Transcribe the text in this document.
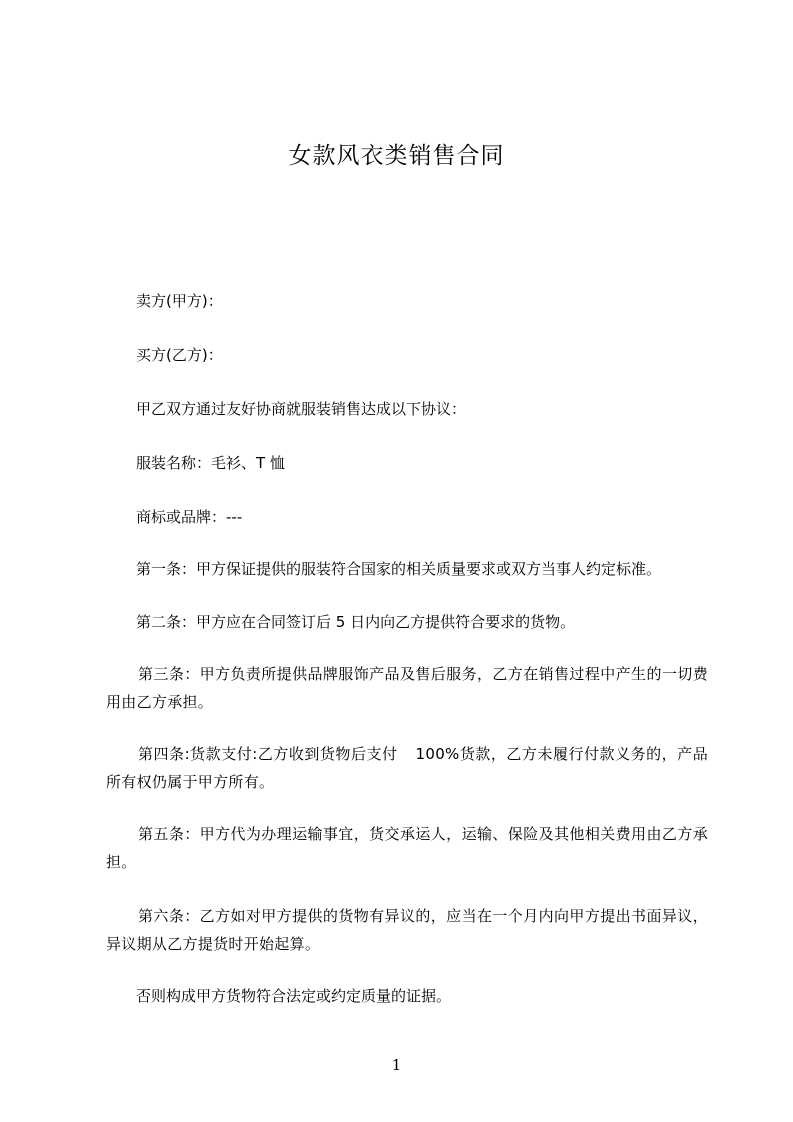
女款风衣类销售合同
卖方(甲方)：
买方(乙方)：
甲乙双方通过友好协商就服装销售达成以下协议：
服装名称：毛衫、T 恤
商标或品牌：---
第一条：甲方保证提供的服装符合国家的相关质量要求或双方当事人约定标准。
第二条：甲方应在合同签订后 5 日内向乙方提供符合要求的货物。
第三条：甲方负责所提供品牌服饰产品及售后服务，乙方在销售过程中产生的一切费用由乙方承担。
第四条:货款支付:乙方收到货物后支付 100%货款，乙方未履行付款义务的，产品所有权仍属于甲方所有。
第五条：甲方代为办理运输事宜，货交承运人，运输、保险及其他相关费用由乙方承担。
第六条：乙方如对甲方提供的货物有异议的，应当在一个月内向甲方提出书面异议，异议期从乙方提货时开始起算。
否则构成甲方货物符合法定或约定质量的证据。
1
